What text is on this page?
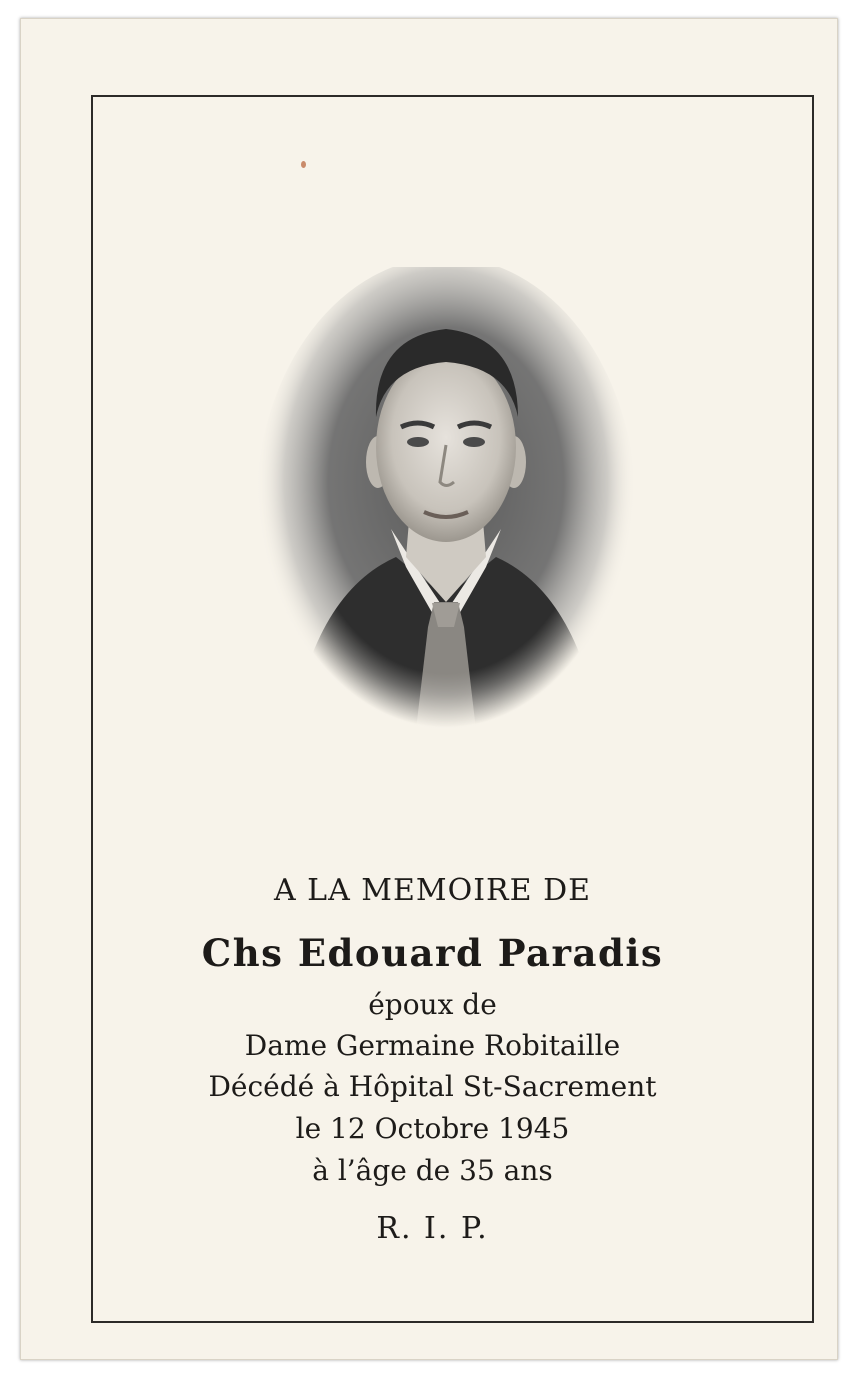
A LA MEMOIRE DE
Chs Edouard Paradis
époux de
Dame Germaine Robitaille
Décédé à Hôpital St-Sacrement
le 12 Octobre 1945
à l’âge de 35 ans
R. I. P.
